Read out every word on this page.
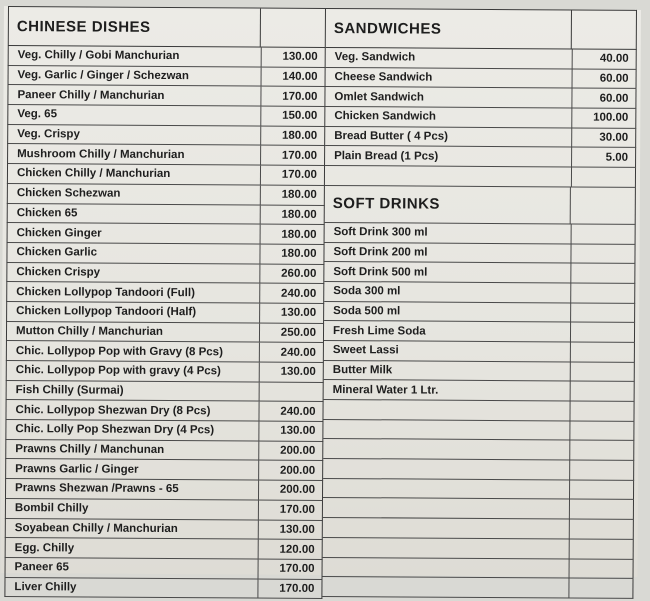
CHINESE DISHES
Veg. Chilly / Gobi Manchurian	130.00
Veg. Garlic / Ginger / Schezwan	140.00
Paneer Chilly / Manchurian	170.00
Veg. 65	150.00
Veg. Crispy	180.00
Mushroom Chilly / Manchurian	170.00
Chicken Chilly / Manchurian	170.00
Chicken Schezwan	180.00
Chicken 65	180.00
Chicken Ginger	180.00
Chicken Garlic	180.00
Chicken Crispy	260.00
Chicken Lollypop Tandoori (Full)	240.00
Chicken Lollypop Tandoori (Half)	130.00
Mutton Chilly / Manchurian	250.00
Chic. Lollypop Pop with Gravy (8 Pcs)	240.00
Chic. Lollypop Pop with gravy (4 Pcs)	130.00
Fish Chilly (Surmai)
Chic. Lollypop Shezwan Dry (8 Pcs)	240.00
Chic. Lolly Pop Shezwan Dry (4 Pcs)	130.00
Prawns Chilly / Manchunan	200.00
Prawns Garlic / Ginger	200.00
Prawns Shezwan /Prawns - 65	200.00
Bombil Chilly	170.00
Soyabean Chilly / Manchurian	130.00
Egg. Chilly	120.00
Paneer 65	170.00
Liver Chilly	170.00
SANDWICHES
Veg. Sandwich	40.00
Cheese Sandwich	60.00
Omlet Sandwich	60.00
Chicken Sandwich	100.00
Bread Butter ( 4 Pcs)	30.00
Plain Bread (1 Pcs)	5.00
SOFT DRINKS
Soft Drink 300 ml
Soft Drink 200 ml
Soft Drink 500 ml
Soda 300 ml
Soda 500 ml
Fresh Lime Soda
Sweet Lassi
Butter Milk
Mineral Water 1 Ltr.
